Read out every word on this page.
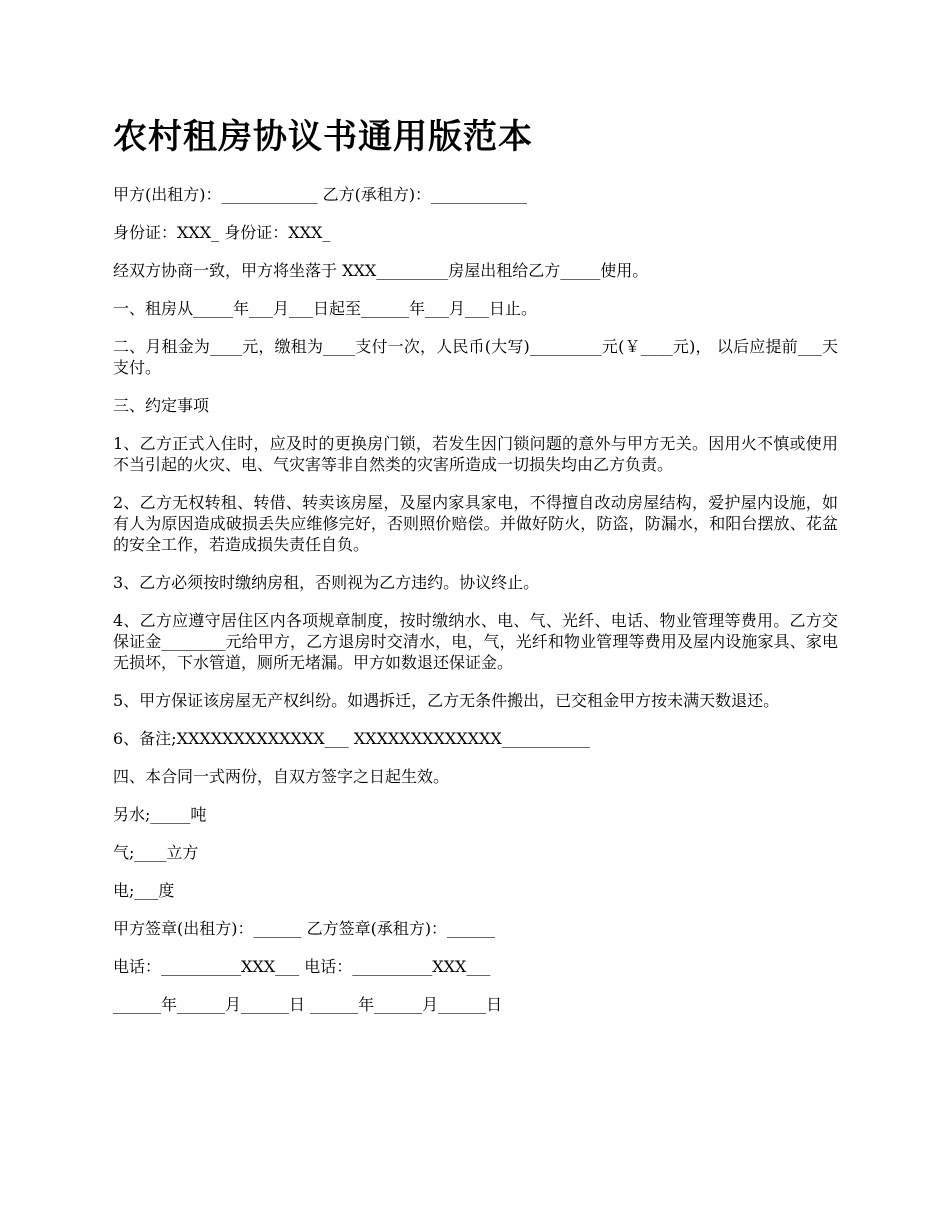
农村租房协议书通用版范本

甲方(出租方)：____________ 乙方(承租方)：____________

身份证：XXX_ 身份证：XXX_

经双方协商一致，甲方将坐落于 XXX_________房屋出租给乙方_____使用。

一、租房从_____年___月___日起至______年___月___日止。

二、月租金为____元，缴租为____支付一次，人民币(大写)_________元(￥____元)， 以后应提前___天支付。

三、约定事项

1、乙方正式入住时，应及时的更换房门锁，若发生因门锁问题的意外与甲方无关。因用火不慎或使用不当引起的火灾、电、气灾害等非自然类的灾害所造成一切损失均由乙方负责。

2、乙方无权转租、转借、转卖该房屋，及屋内家具家电，不得擅自改动房屋结构，爱护屋内设施，如有人为原因造成破损丢失应维修完好，否则照价赔偿。并做好防火，防盗，防漏水，和阳台摆放、花盆的安全工作，若造成损失责任自负。

3、乙方必须按时缴纳房租，否则视为乙方违约。协议终止。

4、乙方应遵守居住区内各项规章制度，按时缴纳水、电、气、光纤、电话、物业管理等费用。乙方交保证金________元给甲方，乙方退房时交清水，电，气，光纤和物业管理等费用及屋内设施家具、家电无损坏，下水管道，厕所无堵漏。甲方如数退还保证金。

5、甲方保证该房屋无产权纠纷。如遇拆迁，乙方无条件搬出，已交租金甲方按未满天数退还。

6、备注;XXXXXXXXXXXXX___ XXXXXXXXXXXXX___________

四、本合同一式两份，自双方签字之日起生效。

另水;_____吨

气;____立方

电;___度

甲方签章(出租方)：______ 乙方签章(承租方)：______

电话：__________XXX___ 电话：__________XXX___

______年______月______日 ______年______月______日
